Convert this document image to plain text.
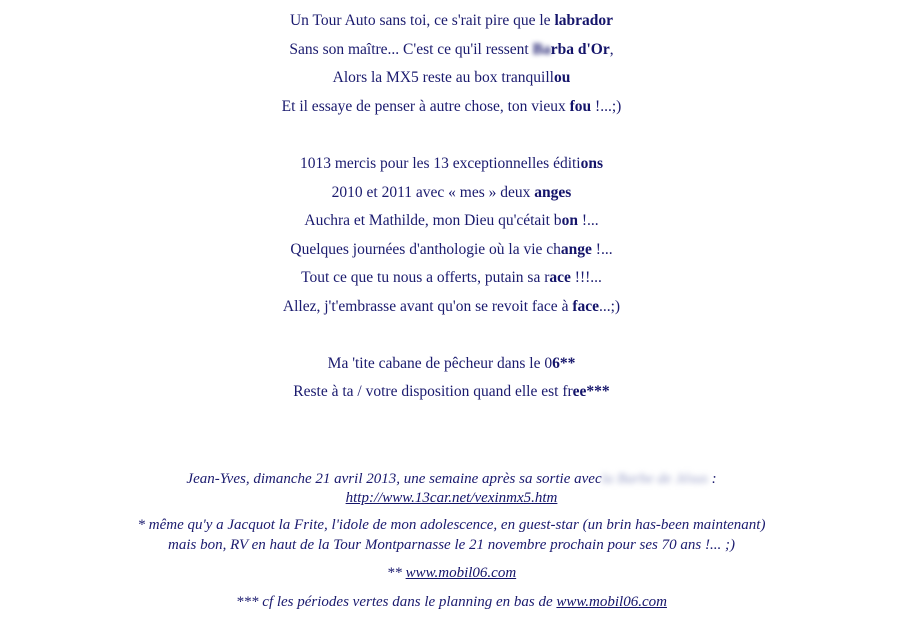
Un Tour Auto sans toi, ce s'rait pire que le labrador
Sans son maître... C'est ce qu'il ressent Barba d'Or,
Alors la MX5 reste au box tranquillou
Et il essaye de penser à autre chose, ton vieux fou !...;)
1013 mercis pour les 13 exceptionnelles éditions
2010 et 2011 avec « mes » deux anges
Auchra et Mathilde, mon Dieu qu'cétait bon !...
Quelques journées d'anthologie où la vie change !...
Tout ce que tu nous a offerts, putain sa race !!!...
Allez, j't'embrasse avant qu'on se revoit face à face...;)
Ma 'tite cabane de pêcheur dans le 06**
Reste à ta / votre disposition quand elle est free***
Jean-Yves, dimanche 21 avril 2013, une semaine après sa sortie avecla Barbe de Jésus :
http://www.13car.net/vexinmx5.htm
* même qu'y a Jacquot la Frite, l'idole de mon adolescence, en guest-star (un brin has-been maintenant)
mais bon, RV en haut de la Tour Montparnasse le 21 novembre prochain pour ses 70 ans !... ;)
** www.mobil06.com
*** cf les périodes vertes dans le planning en bas de www.mobil06.com
